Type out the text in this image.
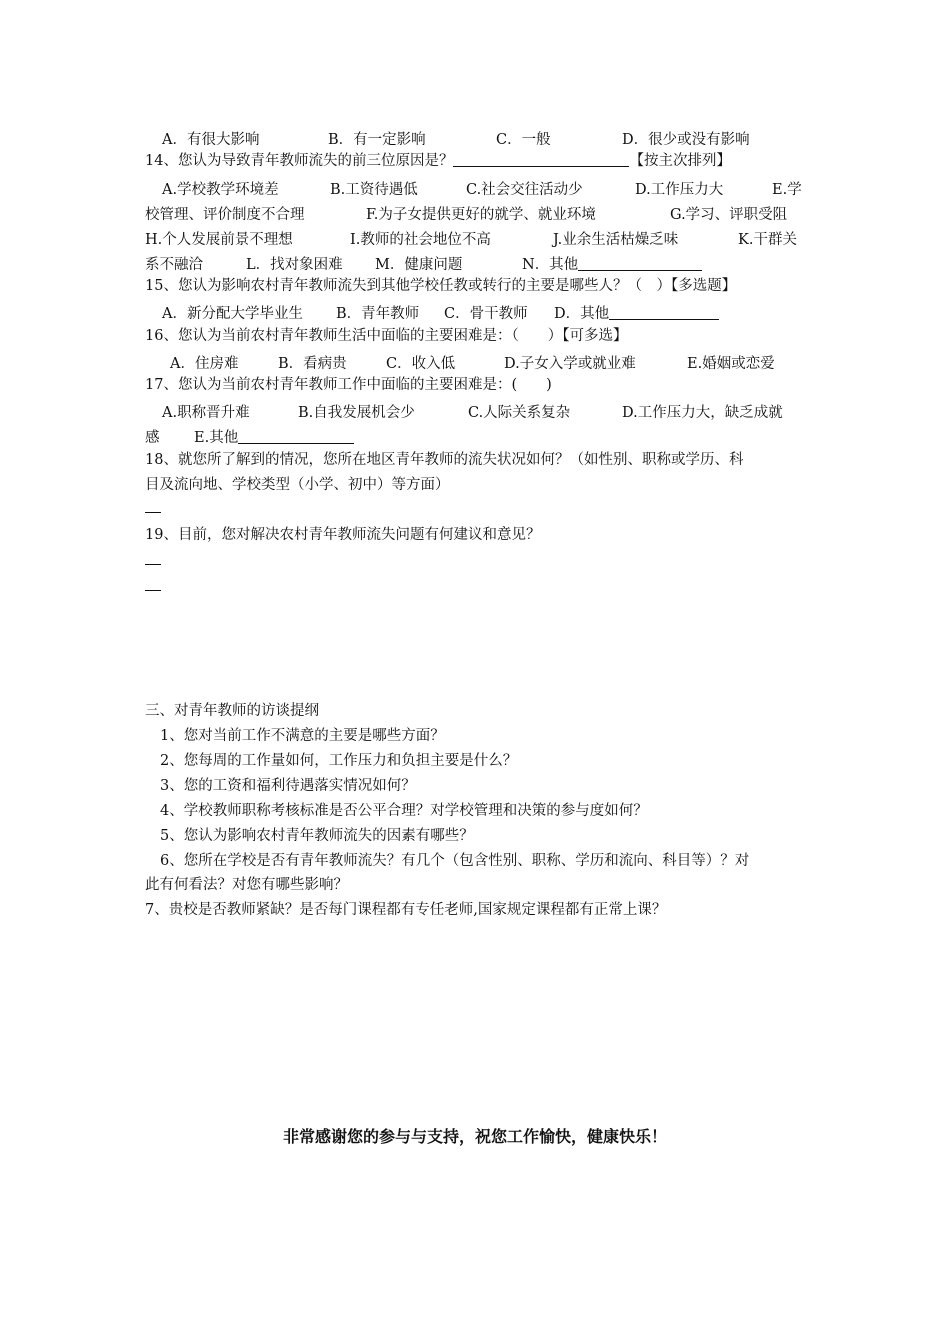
A．有很大影响	B．有一定影响	C．一般	D．很少或没有影响
14、您认为导致青年教师流失的前三位原因是？	【按主次排列】
A.学校教学环境差	B.工资待遇低	C.社会交往活动少	D.工作压力大	E.学
校管理、评价制度不合理	F.为子女提供更好的就学、就业环境	G.学习、评职受阻
H.个人发展前景不理想	I.教师的社会地位不高	J.业余生活枯燥乏味	K.干群关
系不融洽	L．找对象困难 M．健康问题	N．其他
15、您认为影响农村青年教师流失到其他学校任教或转行的主要是哪些人？（　）【多选题】
A．新分配大学毕业生 B．青年教师 C．骨干教师 D．其他
16、您认为当前农村青年教师生活中面临的主要困难是：（　　）【可多选】
A．住房难	B．看病贵	C．收入低	D.子女入学或就业难	E.婚姻或恋爱
17、您认为当前农村青年教师工作中面临的主要困难是：(　　)
A.职称晋升难	B.自我发展机会少	C.人际关系复杂	D.工作压力大，缺乏成就
感 E.其他
18、就您所了解到的情况，您所在地区青年教师的流失状况如何？（如性别、职称或学历、科
目及流向地、学校类型（小学、初中）等方面）
19、目前，您对解决农村青年教师流失问题有何建议和意见？
三、对青年教师的访谈提纲
1、您对当前工作不满意的主要是哪些方面？
2、您每周的工作量如何，工作压力和负担主要是什么？
3、您的工资和福利待遇落实情况如何？
4、学校教师职称考核标准是否公平合理？对学校管理和决策的参与度如何？
5、您认为影响农村青年教师流失的因素有哪些？
6、您所在学校是否有青年教师流失？有几个（包含性别、职称、学历和流向、科目等）？对
此有何看法？对您有哪些影响？
7、贵校是否教师紧缺？是否每门课程都有专任老师,国家规定课程都有正常上课？
非常感谢您的参与与支持，祝您工作愉快，健康快乐！
